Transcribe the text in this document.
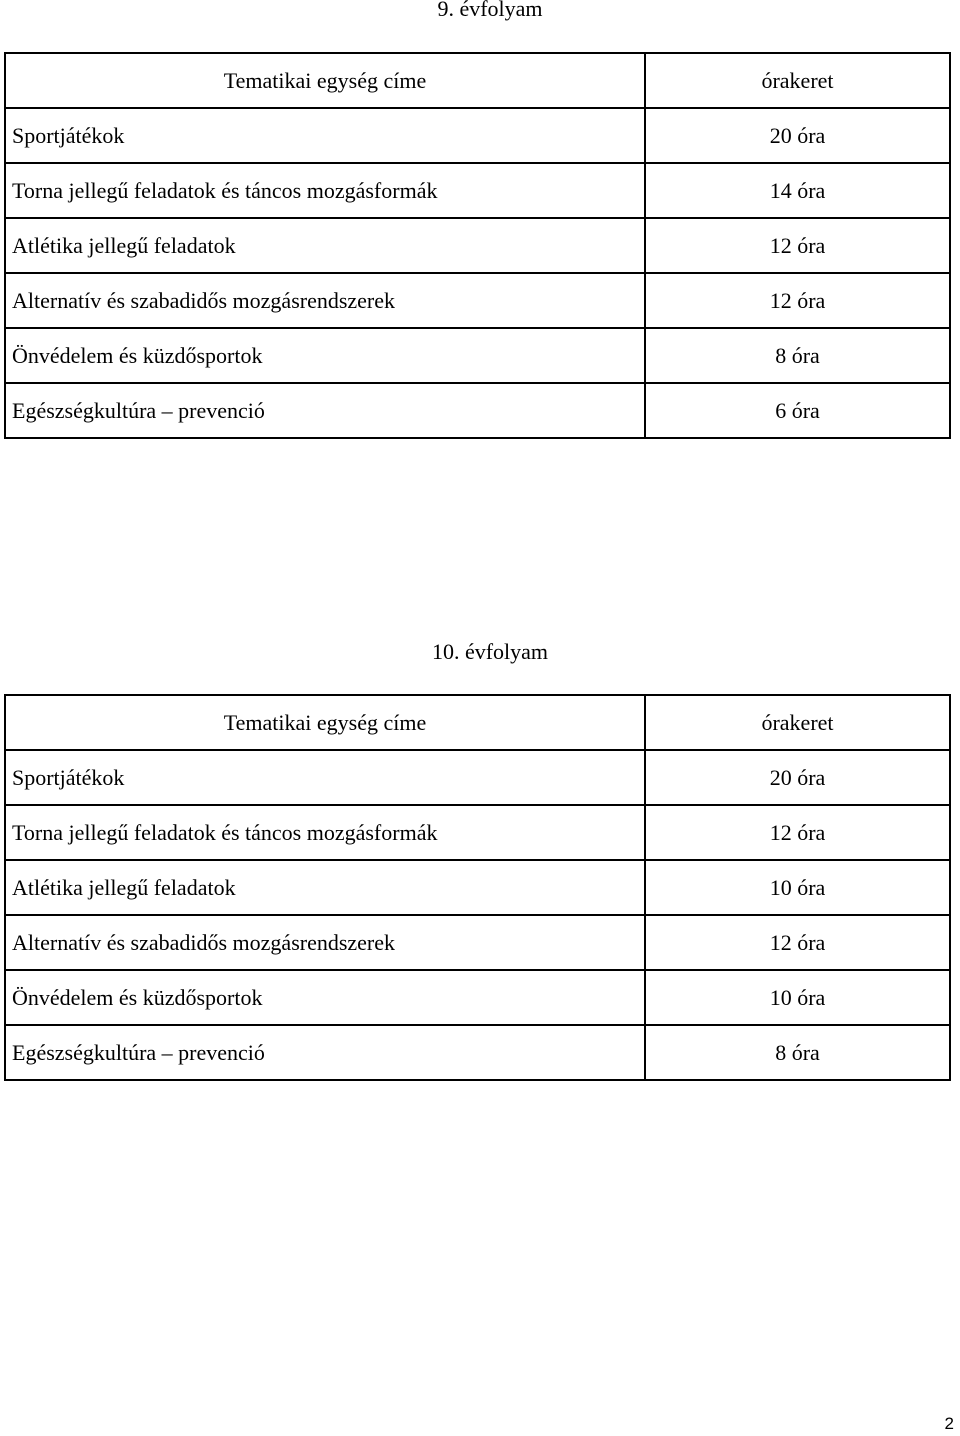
9. évfolyam
Tematikai egység címe	órakeret
Sportjátékok	20 óra
Torna jellegű feladatok és táncos mozgásformák	14 óra
Atlétika jellegű feladatok	12 óra
Alternatív és szabadidős mozgásrendszerek	12 óra
Önvédelem és küzdősportok	8 óra
Egészségkultúra – prevenció	6 óra
10. évfolyam
Tematikai egység címe	órakeret
Sportjátékok	20 óra
Torna jellegű feladatok és táncos mozgásformák	12 óra
Atlétika jellegű feladatok	10 óra
Alternatív és szabadidős mozgásrendszerek	12 óra
Önvédelem és küzdősportok	10 óra
Egészségkultúra – prevenció	8 óra
2
